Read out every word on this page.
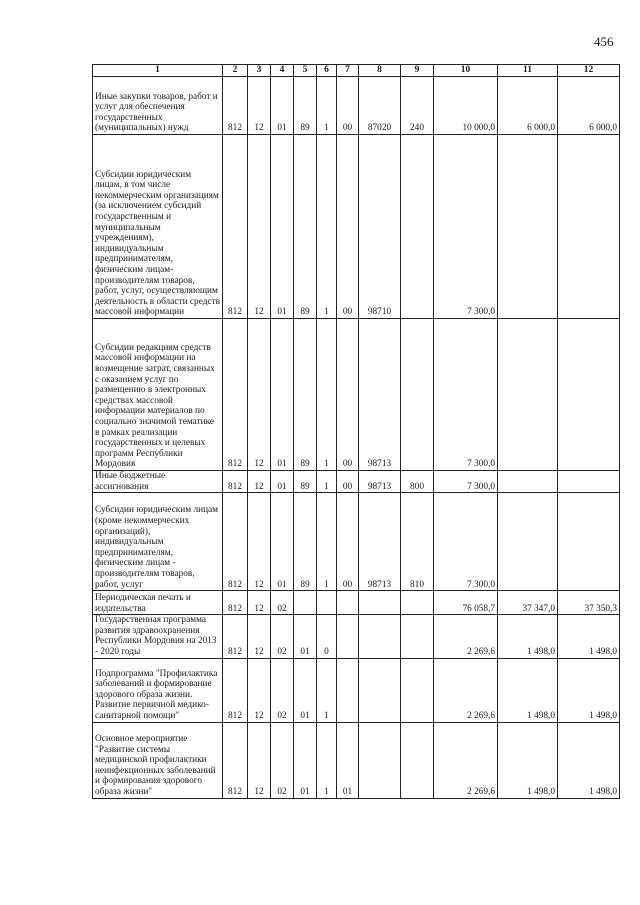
456
1	2	3	4	5	6	7	8	9	10	11	12
Иные закупки товаров, работ и услуг для обеспечения государственных (муниципальных) нужд	812	12	01	89	1	00	87020	240	10 000,0	6 000,0	6 000,0
Субсидии юридическим лицам, в том числе некоммерческим организациям (за исключением субсидий государственным и муниципальным учреждениям), индивидуальным предпринимателям, физическим лицам-производителям товаров, работ, услуг, осуществляющим деятельность в области средств массовой информации	812	12	01	89	1	00	98710		7 300,0		
Субсидии редакциям средств массовой информации на возмещение затрат, связанных с оказанием услуг по размещению в электронных средствах массовой информации материалов по социально значимой тематике в рамках реализации государственных и целевых программ Республики Мордовия	812	12	01	89	1	00	98713		7 300,0		
Иные бюджетные ассигнования	812	12	01	89	1	00	98713	800	7 300,0		
Субсидии юридическим лицам (кроме некоммерческих организаций), индивидуальным предпринимателям, физическим лицам - производителям товаров, работ, услуг	812	12	01	89	1	00	98713	810	7 300,0		
Периодическая печать и издательства	812	12	02						76 058,7	37 347,0	37 350,3
Государственная программа развития здравоохранения Республики Мордовия на 2013 - 2020 годы	812	12	02	01	0				2 269,6	1 498,0	1 498,0
Подпрограмма "Профилактика заболеваний и формирование здорового образа жизни. Развитие первичной медико-санитарной помощи"	812	12	02	01	1				2 269,6	1 498,0	1 498,0
Основное мероприятие "Развитие системы медицинской профилактики неинфекционных заболеваний и формирования здорового образа жизни"	812	12	02	01	1	01			2 269,6	1 498,0	1 498,0
